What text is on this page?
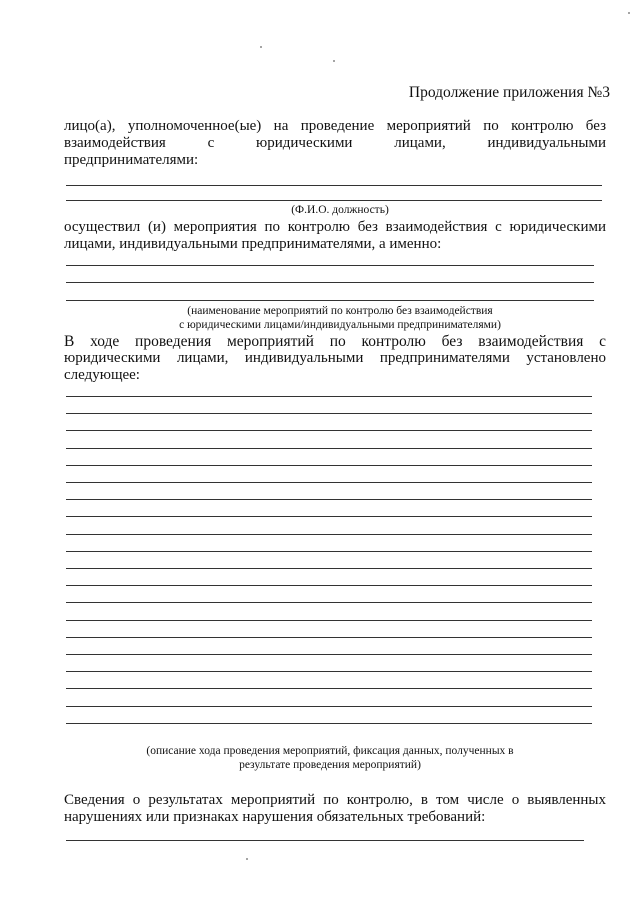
Продолжение приложения №3
лицо(а), уполномоченное(ые) на проведение мероприятий по контролю без
взаимодействия с юридическими лицами, индивидуальными
предпринимателями:
(Ф.И.О. должность)
осуществил (и) мероприятия по контролю без взаимодействия с юридическими
лицами, индивидуальными предпринимателями, а именно:
(наименование мероприятий по контролю без взаимодействия
с юридическими лицами/индивидуальными предпринимателями)
В ходе проведения мероприятий по контролю без взаимодействия с
юридическими лицами, индивидуальными предпринимателями установлено
следующее:
(описание хода проведения мероприятий, фиксация данных, полученных в
результате проведения мероприятий)
Сведения о результатах мероприятий по контролю, в том числе о выявленных
нарушениях или признаках нарушения обязательных требований:
